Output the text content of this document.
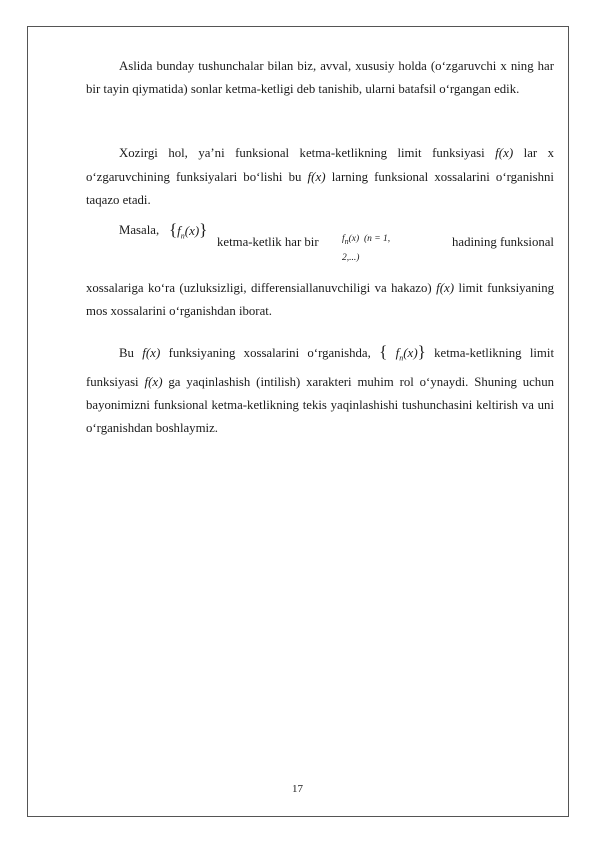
Aslida bunday tushunchalar bilan biz, avval, xususiy holda (o‘zgaruvchi x ning har bir tayin qiymatida) sonlar ketma-ketligi deb tanishib, ularni batafsil o‘rgangan edik.

Xozirgi hol, ya’ni funksional ketma-ketlikning limit funksiyasi f(x) lar x o‘zgaruvchining funksiyalari bo‘lishi bu f(x) larning funksional xossalarini o‘rganishni taqazo etadi.

Masala, $\{f_n(x)\}$
ketma-ketlik har bir $f_n(x) (n = 1$,
2,...)
hadining funksional
xossalariga ko‘ra (uzluksizligi, differensiallanuvchiligi va hakazo) f(x) limit funksiyaning mos xossalarini o‘rganishdan iborat.

Bu f(x) funksiyaning xossalarini o‘rganishda, { $f_n(x)$} ketma-ketlikning limit funksiyasi f(x) ga yaqinlashish (intilish) xarakteri muhim rol o‘ynaydi. Shuning uchun bayonimizni funksional ketma-ketlikning tekis yaqinlashishi tushunchasini keltirish va uni o‘rganishdan boshlaymiz.

17
